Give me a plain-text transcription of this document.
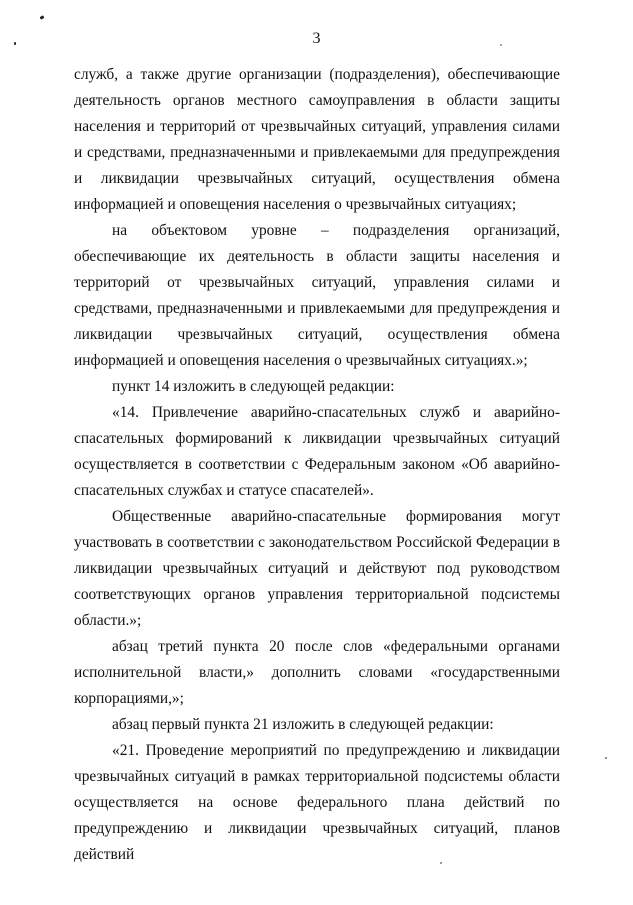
3

служб, а также другие организации (подразделения), обеспечивающие деятельность органов местного самоуправления в области защиты населения и территорий от чрезвычайных ситуаций, управления силами и средствами, предназначенными и привлекаемыми для предупреждения и ликвидации чрезвычайных ситуаций, осуществления обмена информацией и оповещения населения о чрезвычайных ситуациях;

на объектовом уровне – подразделения организаций, обеспечивающие их деятельность в области защиты населения и территорий от чрезвычайных ситуаций, управления силами и средствами, предназначенными и привлекаемыми для предупреждения и ликвидации чрезвычайных ситуаций, осуществления обмена информацией и оповещения населения о чрезвычайных ситуациях.»;

пункт 14 изложить в следующей редакции:

«14. Привлечение аварийно-спасательных служб и аварийно-спасательных формирований к ликвидации чрезвычайных ситуаций осуществляется в соответствии с Федеральным законом «Об аварийно-спасательных службах и статусе спасателей».

Общественные аварийно-спасательные формирования могут участвовать в соответствии с законодательством Российской Федерации в ликвидации чрезвычайных ситуаций и действуют под руководством соответствующих органов управления территориальной подсистемы области.»;

абзац третий пункта 20 после слов «федеральными органами исполнительной власти,» дополнить словами «государственными корпорациями,»;

абзац первый пункта 21 изложить в следующей редакции:

«21. Проведение мероприятий по предупреждению и ликвидации чрезвычайных ситуаций в рамках территориальной подсистемы области осуществляется на основе федерального плана действий по предупреждению и ликвидации чрезвычайных ситуаций, планов действий
